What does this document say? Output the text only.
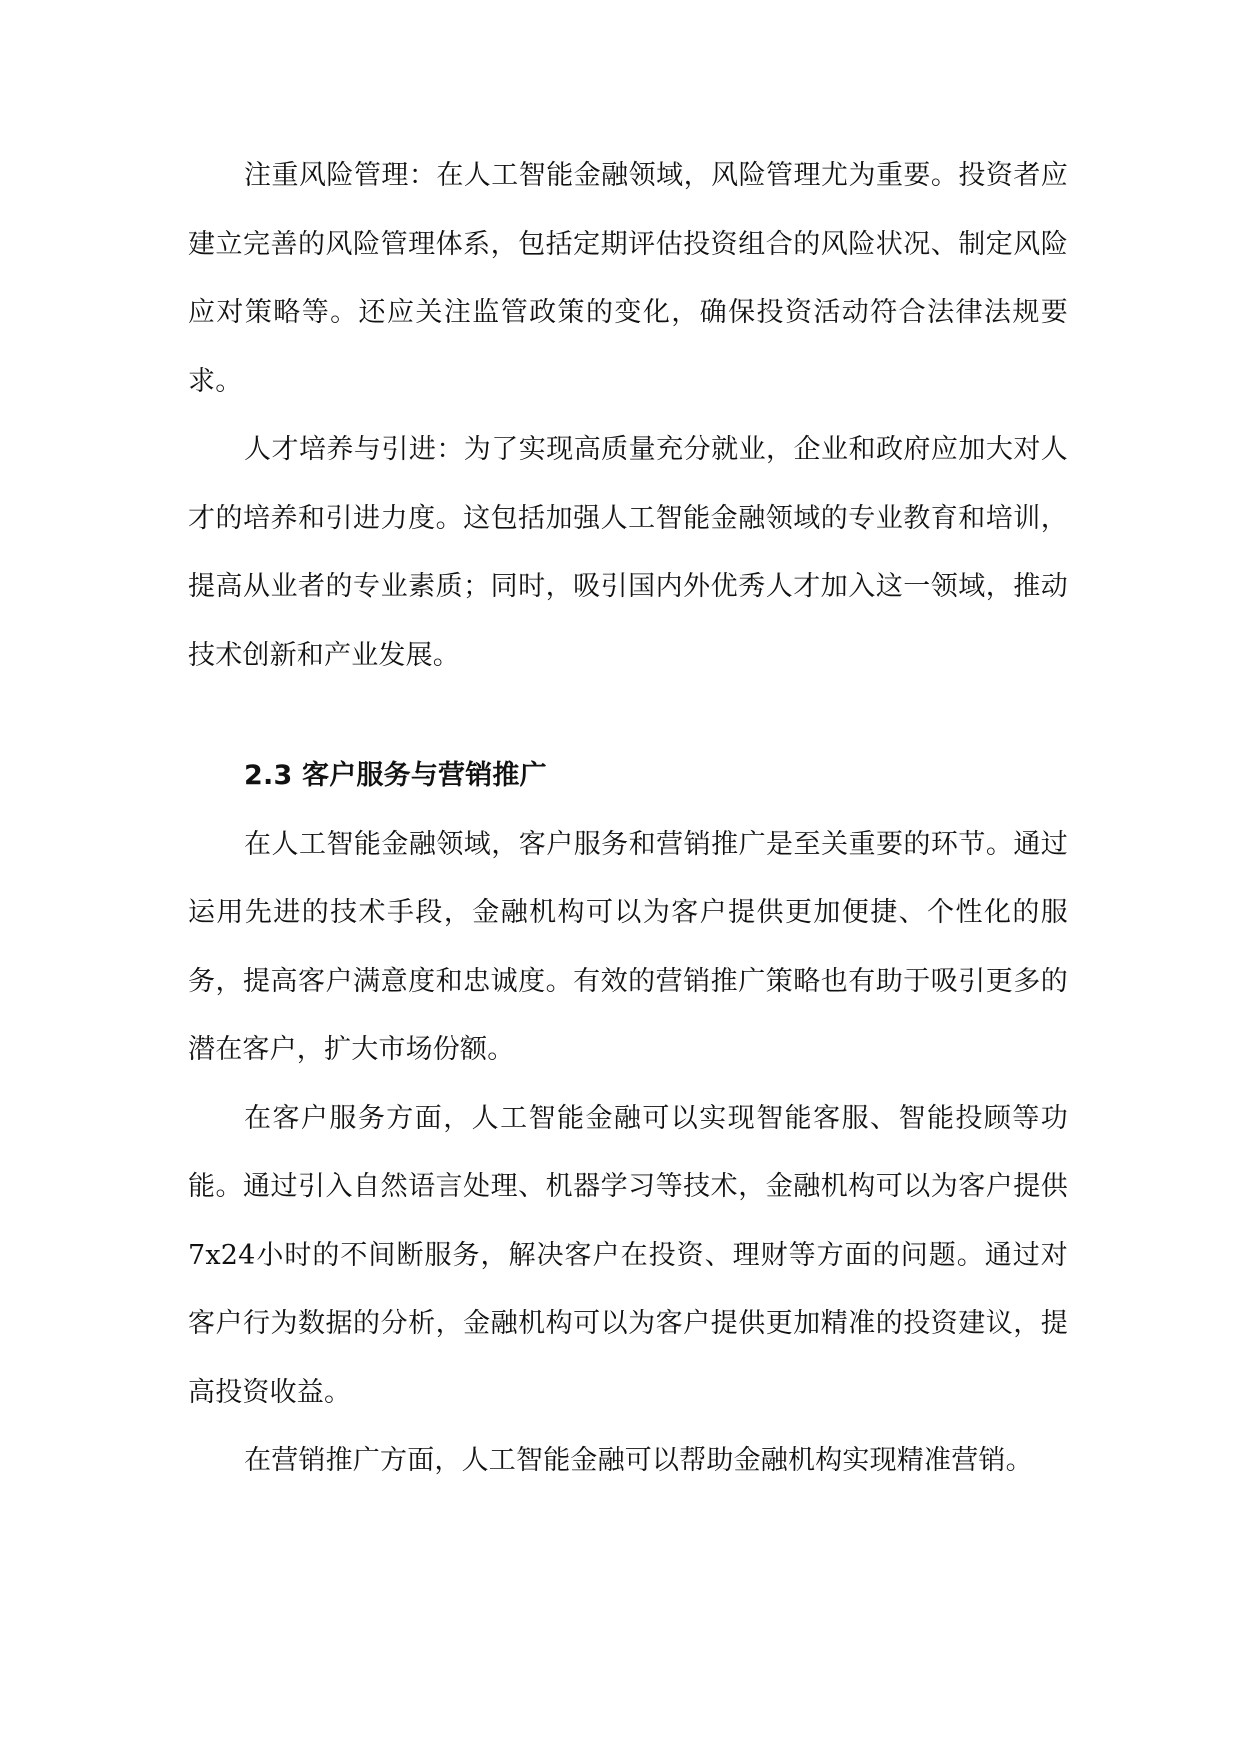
注重风险管理：在人工智能金融领域，风险管理尤为重要。投资者应建立完善的风险管理体系，包括定期评估投资组合的风险状况、制定风险应对策略等。还应关注监管政策的变化，确保投资活动符合法律法规要求。

人才培养与引进：为了实现高质量充分就业，企业和政府应加大对人才的培养和引进力度。这包括加强人工智能金融领域的专业教育和培训，提高从业者的专业素质；同时，吸引国内外优秀人才加入这一领域，推动技术创新和产业发展。

2.3 客户服务与营销推广

在人工智能金融领域，客户服务和营销推广是至关重要的环节。通过运用先进的技术手段，金融机构可以为客户提供更加便捷、个性化的服务，提高客户满意度和忠诚度。有效的营销推广策略也有助于吸引更多的潜在客户，扩大市场份额。

在客户服务方面，人工智能金融可以实现智能客服、智能投顾等功能。通过引入自然语言处理、机器学习等技术，金融机构可以为客户提供7x24小时的不间断服务，解决客户在投资、理财等方面的问题。通过对客户行为数据的分析，金融机构可以为客户提供更加精准的投资建议，提高投资收益。

在营销推广方面，人工智能金融可以帮助金融机构实现精准营销。
